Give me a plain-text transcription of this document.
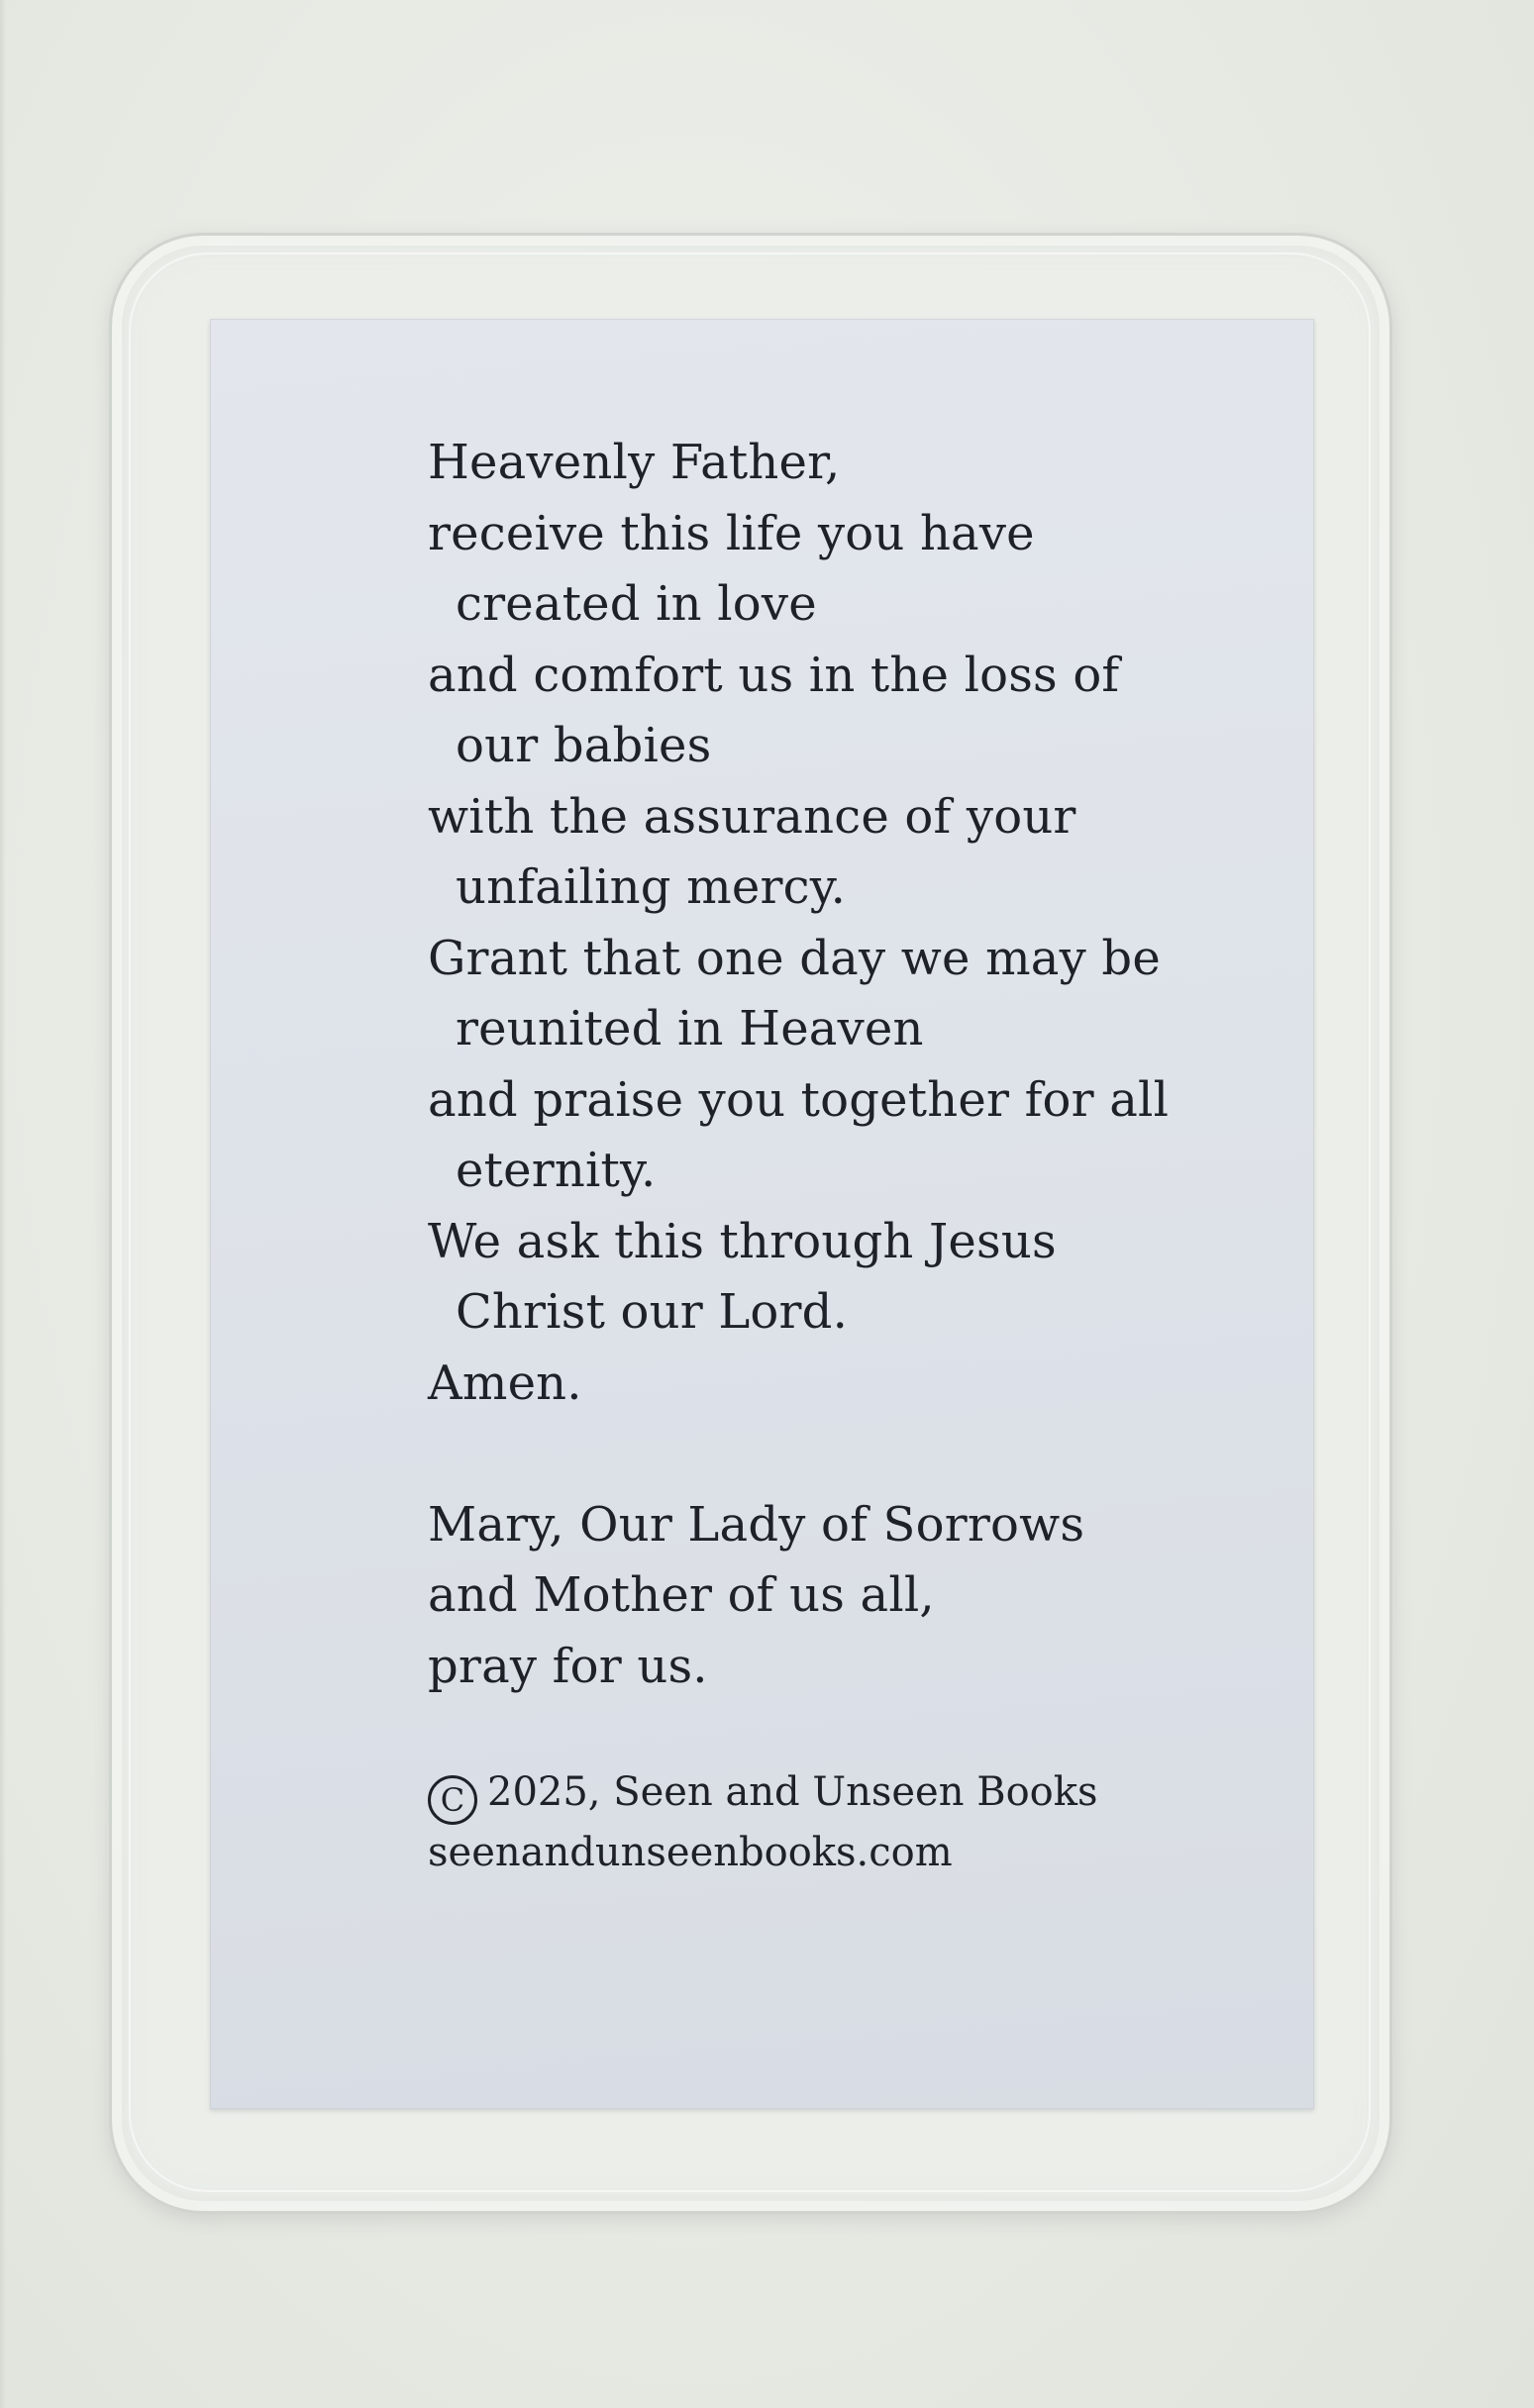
Heavenly Father,
receive this life you have
created in love
and comfort us in the loss of
our babies
with the assurance of your
unfailing mercy.
Grant that one day we may be
reunited in Heaven
and praise you together for all
eternity.
We ask this through Jesus
Christ our Lord.
Amen.
Mary, Our Lady of Sorrows
and Mother of us all,
pray for us.
C 2025, Seen and Unseen Books
seenandunseenbooks.com
